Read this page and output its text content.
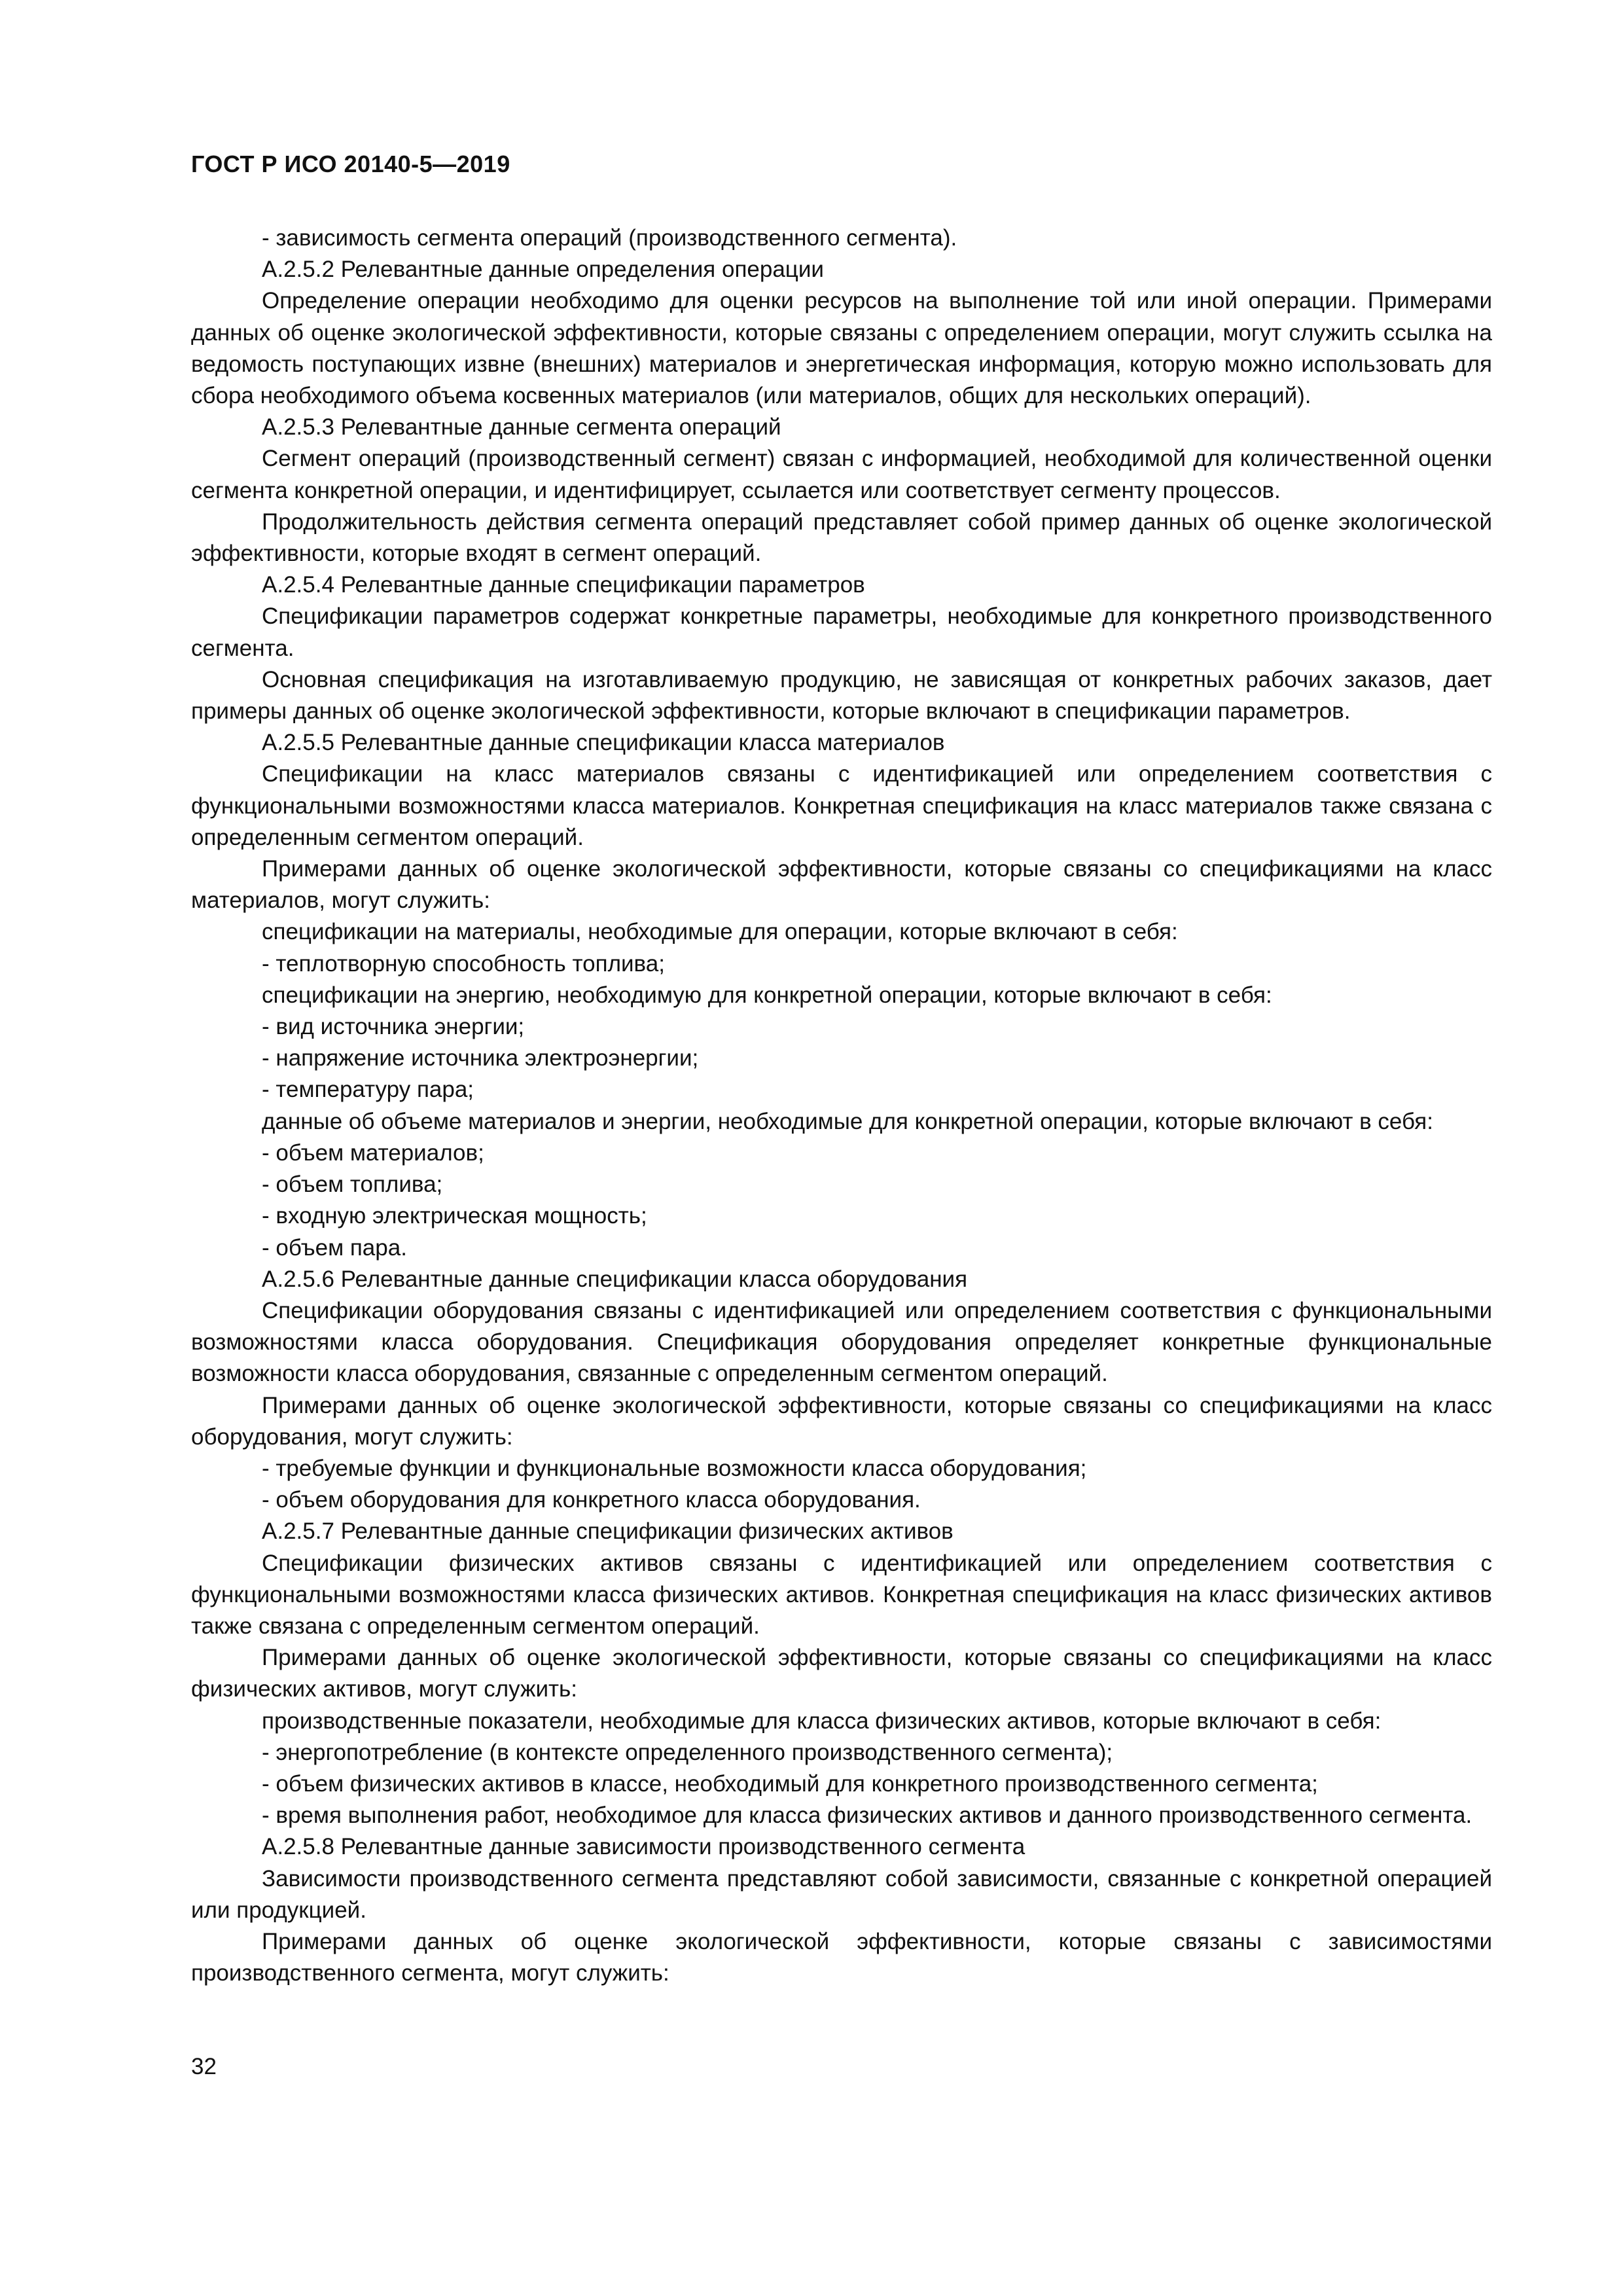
ГОСТ Р ИСО 20140-5—2019

- зависимость сегмента операций (производственного сегмента).

А.2.5.2 Релевантные данные определения операции

Определение операции необходимо для оценки ресурсов на выполнение той или иной операции. Примерами данных об оценке экологической эффективности, которые связаны с определением операции, могут служить ссылка на ведомость поступающих извне (внешних) материалов и энергетическая информация, которую можно использовать для сбора необходимого объема косвенных материалов (или материалов, общих для нескольких операций).

А.2.5.3 Релевантные данные сегмента операций

Сегмент операций (производственный сегмент) связан с информацией, необходимой для количественной оценки сегмента конкретной операции, и идентифицирует, ссылается или соответствует сегменту процессов.

Продолжительность действия сегмента операций представляет собой пример данных об оценке экологической эффективности, которые входят в сегмент операций.

А.2.5.4 Релевантные данные спецификации параметров

Спецификации параметров содержат конкретные параметры, необходимые для конкретного производственного сегмента.

Основная спецификация на изготавливаемую продукцию, не зависящая от конкретных рабочих заказов, дает примеры данных об оценке экологической эффективности, которые включают в спецификации параметров.

А.2.5.5 Релевантные данные спецификации класса материалов

Спецификации на класс материалов связаны с идентификацией или определением соответствия с функциональными возможностями класса материалов. Конкретная спецификация на класс материалов также связана с определенным сегментом операций.

Примерами данных об оценке экологической эффективности, которые связаны со спецификациями на класс материалов, могут служить:

спецификации на материалы, необходимые для операции, которые включают в себя:

- теплотворную способность топлива;

спецификации на энергию, необходимую для конкретной операции, которые включают в себя:

- вид источника энергии;

- напряжение источника электроэнергии;

- температуру пара;

данные об объеме материалов и энергии, необходимые для конкретной операции, которые включают в себя:

- объем материалов;

- объем топлива;

- входную электрическая мощность;

- объем пара.

А.2.5.6 Релевантные данные спецификации класса оборудования

Спецификации оборудования связаны с идентификацией или определением соответствия с функциональными возможностями класса оборудования. Спецификация оборудования определяет конкретные функциональные возможности класса оборудования, связанные с определенным сегментом операций.

Примерами данных об оценке экологической эффективности, которые связаны со спецификациями на класс оборудования, могут служить:

- требуемые функции и функциональные возможности класса оборудования;

- объем оборудования для конкретного класса оборудования.

А.2.5.7 Релевантные данные спецификации физических активов

Спецификации физических активов связаны с идентификацией или определением соответствия с функциональными возможностями класса физических активов. Конкретная спецификация на класс физических активов также связана с определенным сегментом операций.

Примерами данных об оценке экологической эффективности, которые связаны со спецификациями на класс физических активов, могут служить:

производственные показатели, необходимые для класса физических активов, которые включают в себя:

- энергопотребление (в контексте определенного производственного сегмента);

- объем физических активов в классе, необходимый для конкретного производственного сегмента;

- время выполнения работ, необходимое для класса физических активов и данного производственного сегмента.

А.2.5.8 Релевантные данные зависимости производственного сегмента

Зависимости производственного сегмента представляют собой зависимости, связанные с конкретной операцией или продукцией.

Примерами данных об оценке экологической эффективности, которые связаны с зависимостями производственного сегмента, могут служить:

32
